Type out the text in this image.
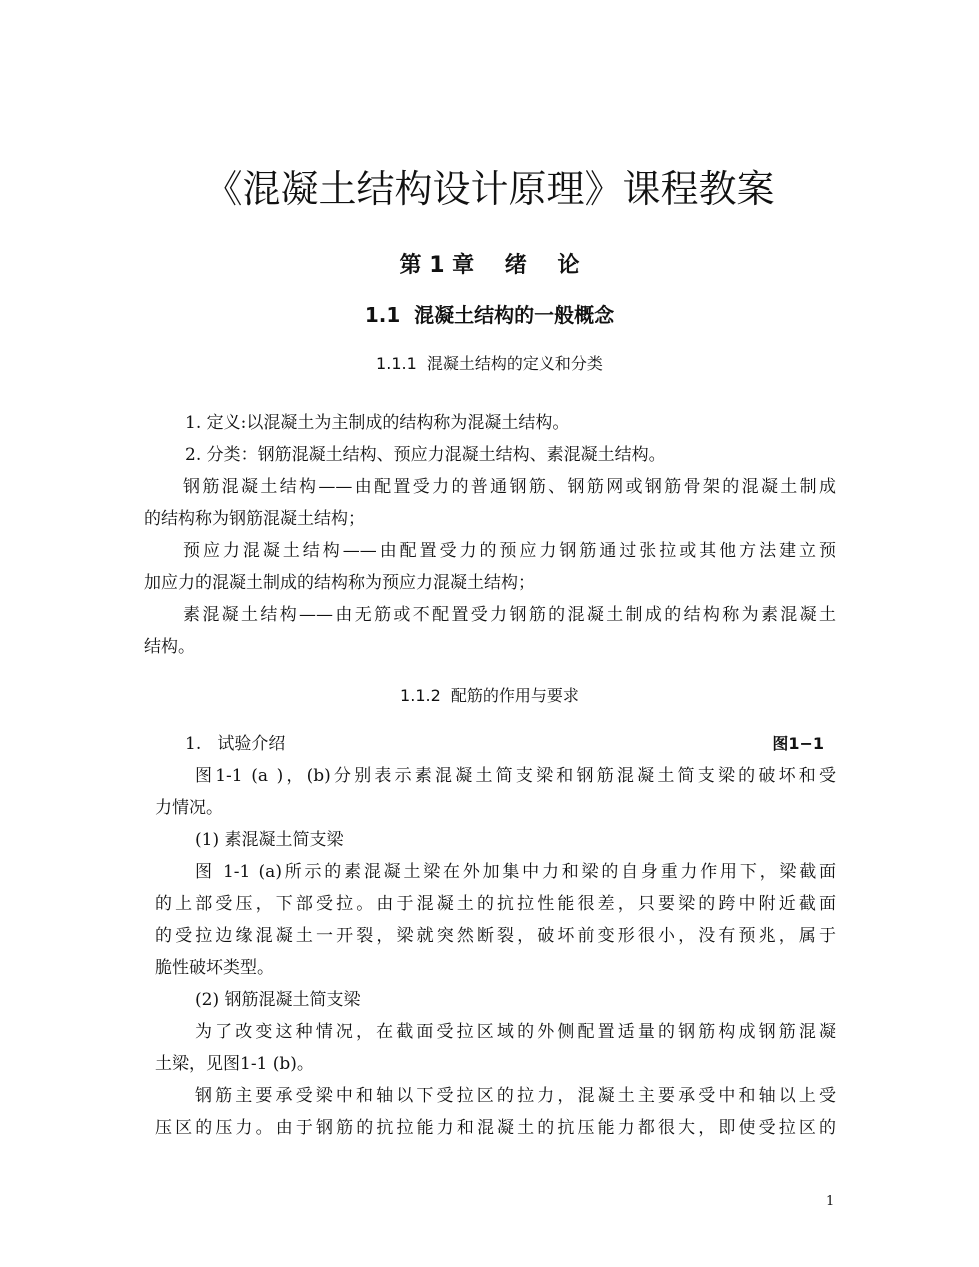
《混凝土结构设计原理》课程教案
第 1 章    绪    论
1.1  混凝土结构的一般概念
1.1.1  混凝土结构的定义和分类
1. 定义:以混凝土为主制成的结构称为混凝土结构。
2. 分类：钢筋混凝土结构、预应力混凝土结构、素混凝土结构。
钢筋混凝土结构——由配置受力的普通钢筋、钢筋网或钢筋骨架的混凝土制成
的结构称为钢筋混凝土结构；
预应力混凝土结构——由配置受力的预应力钢筋通过张拉或其他方法建立预
加应力的混凝土制成的结构称为预应力混凝土结构；
素混凝土结构——由无筋或不配置受力钢筋的混凝土制成的结构称为素混凝土
结构。
1.1.2  配筋的作用与要求
1.   试验介绍	图1−1
图1-1 (a )，(b)分别表示素混凝土简支梁和钢筋混凝土简支梁的破坏和受
力情况。
(1) 素混凝土简支梁
图 1-1 (a)所示的素混凝土梁在外加集中力和梁的自身重力作用下，梁截面
的上部受压，下部受拉。由于混凝土的抗拉性能很差，只要梁的跨中附近截面
的受拉边缘混凝土一开裂，梁就突然断裂，破坏前变形很小，没有预兆，属于
脆性破坏类型。
(2) 钢筋混凝土简支梁
为了改变这种情况，在截面受拉区域的外侧配置适量的钢筋构成钢筋混凝
土梁，见图1-1 (b)。
钢筋主要承受梁中和轴以下受拉区的拉力，混凝土主要承受中和轴以上受
压区的压力。由于钢筋的抗拉能力和混凝土的抗压能力都很大，即使受拉区的
1
